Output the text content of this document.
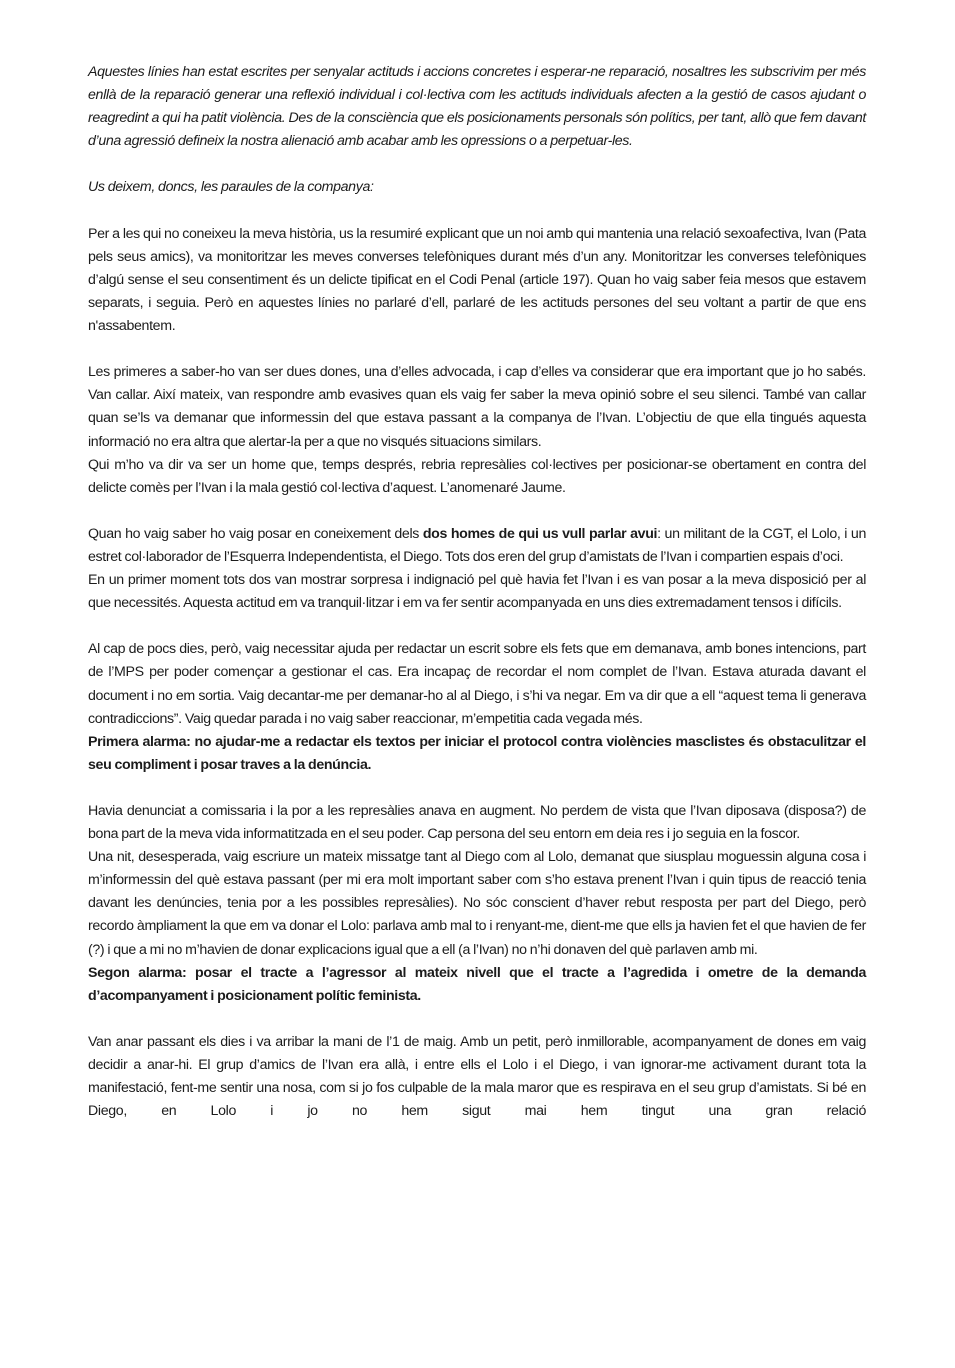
Aquestes línies han estat escrites per senyalar actituds i accions concretes i esperar-ne reparació, nosaltres les subscrivim per més enllà de la reparació generar una reflexió individual i col·lectiva com les actituds individuals afecten a la gestió de casos ajudant o reagredint a qui ha patit violència. Des de la consciència que els posicionaments personals són polítics, per tant, allò que fem davant d’una agressió defineix la nostra alienació amb acabar amb les opressions o a perpetuar-les.

Us deixem, doncs, les paraules de la companya:

Per a les qui no coneixeu la meva història, us la resumiré explicant que un noi amb qui mantenia una relació sexoafectiva, Ivan (Pata pels seus amics), va monitoritzar les meves converses telefòniques durant més d’un any. Monitoritzar les converses telefòniques d’algú sense el seu consentiment és un delicte tipificat en el Codi Penal (article 197). Quan ho vaig saber feia mesos que estavem separats, i seguia. Però en aquestes línies no parlaré d’ell, parlaré de les actituds persones del seu voltant a partir de que ens n'assabentem.

Les primeres a saber-ho van ser dues dones, una d’elles advocada, i cap d’elles va considerar que era important que jo ho sabés. Van callar. Així mateix, van respondre amb evasives quan els vaig fer saber la meva opinió sobre el seu silenci. També van callar quan se’ls va demanar que informessin del que estava passant a la companya de l’Ivan. L’objectiu de que ella tingués aquesta informació no era altra que alertar-la per a que no visqués situacions similars.

Qui m’ho va dir va ser un home que, temps després, rebria represàlies col·lectives per posicionar-se obertament en contra del delicte comès per l’Ivan i la mala gestió col·lectiva d’aquest. L’anomenaré Jaume.

Quan ho vaig saber ho vaig posar en coneixement dels dos homes de qui us vull parlar avui: un militant de la CGT, el Lolo, i un estret col·laborador de l’Esquerra Independentista, el Diego. Tots dos eren del grup d’amistats de l’Ivan i compartien espais d’oci.

En un primer moment tots dos van mostrar sorpresa i indignació pel què havia fet l’Ivan i es van posar a la meva disposició per al que necessités. Aquesta actitud em va tranquil·litzar i em va fer sentir acompanyada en uns dies extremadament tensos i difícils.

Al cap de pocs dies, però, vaig necessitar ajuda per redactar un escrit sobre els fets que em demanava, amb bones intencions, part de l’MPS per poder començar a gestionar el cas. Era incapaç de recordar el nom complet de l’Ivan. Estava aturada davant el document i no em sortia. Vaig decantar-me per demanar-ho al al Diego, i s’hi va negar. Em va dir que a ell “aquest tema li generava contradiccions”. Vaig quedar parada i no vaig saber reaccionar, m’empetitia cada vegada més.

Primera alarma: no ajudar-me a redactar els textos per iniciar el protocol contra violències masclistes és obstaculitzar el seu compliment i posar traves a la denúncia.

Havia denunciat a comissaria i la por a les represàlies anava en augment. No perdem de vista que l’Ivan diposava (disposa?) de bona part de la meva vida informatitzada en el seu poder. Cap persona del seu entorn em deia res i jo seguia en la foscor.

Una nit, desesperada, vaig escriure un mateix missatge tant al Diego com al Lolo, demanat que siusplau moguessin alguna cosa i m’informessin del què estava passant (per mi era molt important saber com s’ho estava prenent l’Ivan i quin tipus de reacció tenia davant les denúncies, tenia por a les possibles represàlies). No sóc conscient d’haver rebut resposta per part del Diego, però recordo àmpliament la que em va donar el Lolo: parlava amb mal to i renyant-me, dient-me que ells ja havien fet el que havien de fer (?) i que a mi no m’havien de donar explicacions igual que a ell (a l’Ivan) no n’hi donaven del què parlaven amb mi.

Segon alarma: posar el tracte a l’agressor al mateix nivell que el tracte a l’agredida i ometre de la demanda d’acompanyament i posicionament polític feminista.

Van anar passant els dies i va arribar la mani de l’1 de maig. Amb un petit, però inmillorable, acompanyament de dones em vaig decidir a anar-hi. El grup d’amics de l’Ivan era allà, i entre ells el Lolo i el Diego, i van ignorar-me activament durant tota la manifestació, fent-me sentir una nosa, com si jo fos culpable de la mala maror que es respirava en el seu grup d’amistats. Si bé en Diego, en Lolo i jo no hem sigut mai hem tingut una gran relació
